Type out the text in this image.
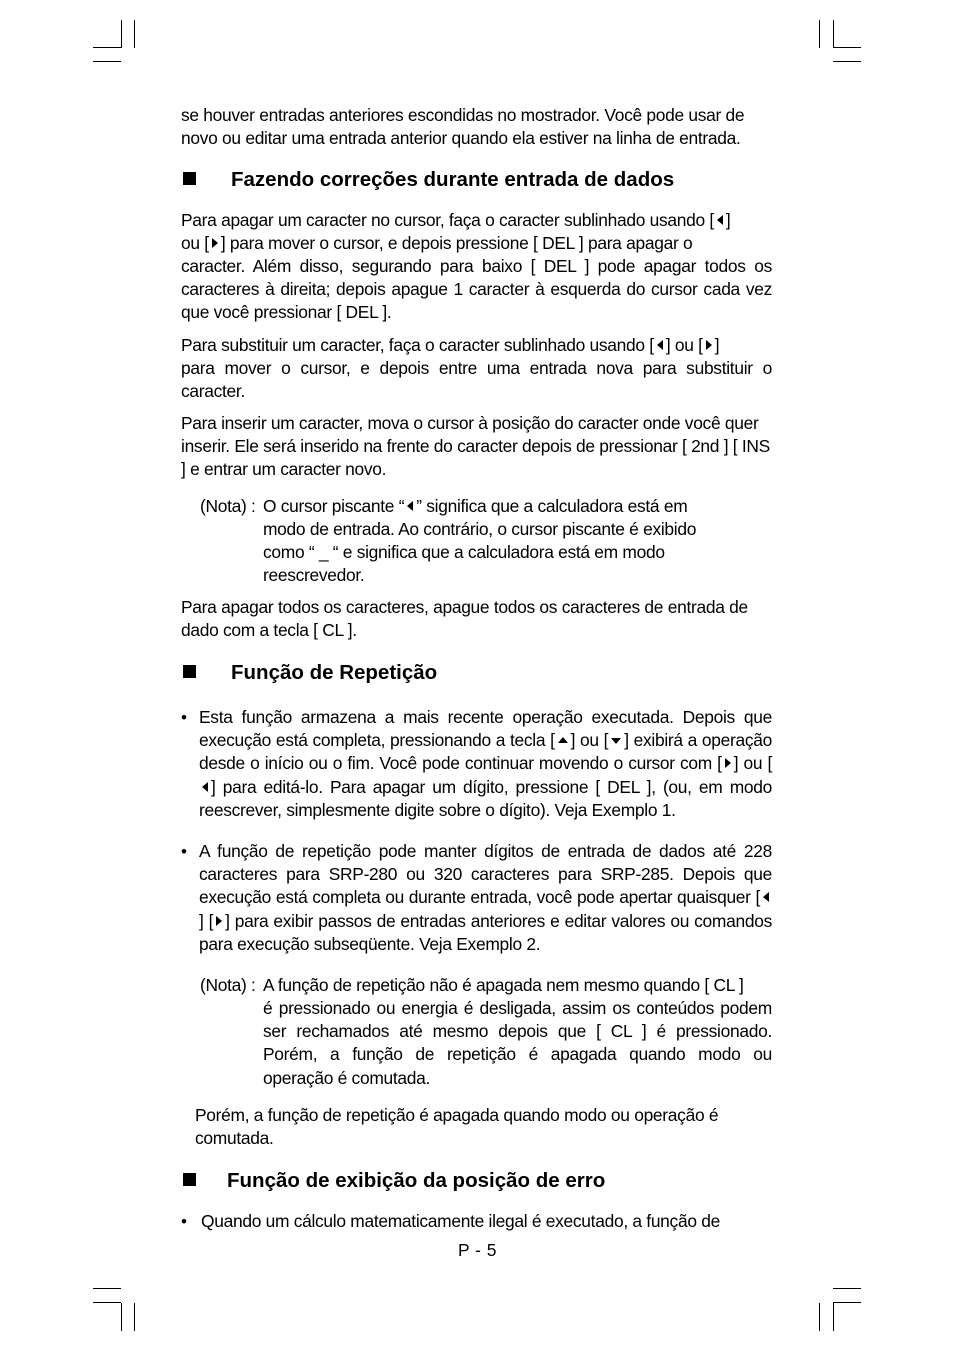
se houver entradas anteriores escondidas no mostrador. Você pode usar de
novo ou editar uma entrada anterior quando ela estiver na linha de entrada.
Fazendo correções durante entrada de dados
Para apagar um caracter no cursor, faça o caracter sublinhado usando [ ]
ou [ ] para mover o cursor, e depois pressione [ DEL ] para apagar o
caracter. Além disso, segurando para baixo [ DEL ] pode apagar todos os caracteres à direita; depois apague 1 caracter à esquerda do cursor cada vez que você pressionar [ DEL ].
Para substituir um caracter, faça o caracter sublinhado usando [ ] ou [ ]
para mover o cursor, e depois entre uma entrada nova para substituir o caracter.
Para inserir um caracter, mova o cursor à posição do caracter onde você quer inserir. Ele será inserido na frente do caracter depois de pressionar [ 2nd ] [ INS ] e entrar um caracter novo.
(Nota) : O cursor piscante “ ” significa que a calculadora está em
modo de entrada. Ao contrário, o cursor piscante é exibido como “ _ “ e significa que a calculadora está em modo reescrevedor.
Para apagar todos os caracteres, apague todos os caracteres de entrada de dado com a tecla [ CL ].
Função de Repetição
• Esta função armazena a mais recente operação executada. Depois que execução está completa, pressionando a tecla [ ] ou [ ] exibirá a operação desde o início ou o fim. Você pode continuar movendo o cursor com [ ] ou [] para editá-lo. Para apagar um dígito, pressione [ DEL ], (ou, em modo reescrever, simplesmente digite sobre o dígito). Veja Exemplo 1.
• A função de repetição pode manter dígitos de entrada de dados até 228 caracteres para SRP-280 ou 320 caracteres para SRP-285. Depois que execução está completa ou durante entrada, você pode apertar quaisquer [] [ ] para exibir passos de entradas anteriores e editar valores ou comandos para execução subseqüente. Veja Exemplo 2.
(Nota) : A função de repetição não é apagada nem mesmo quando [ CL ]
é pressionado ou energia é desligada, assim os conteúdos podem ser rechamados até mesmo depois que [ CL ] é pressionado. Porém, a função de repetição é apagada quando modo ou operação é comutada.
Porém, a função de repetição é apagada quando modo ou operação é comutada.
Função de exibição da posição de erro
• Quando um cálculo matematicamente ilegal é executado, a função de
P - 5
